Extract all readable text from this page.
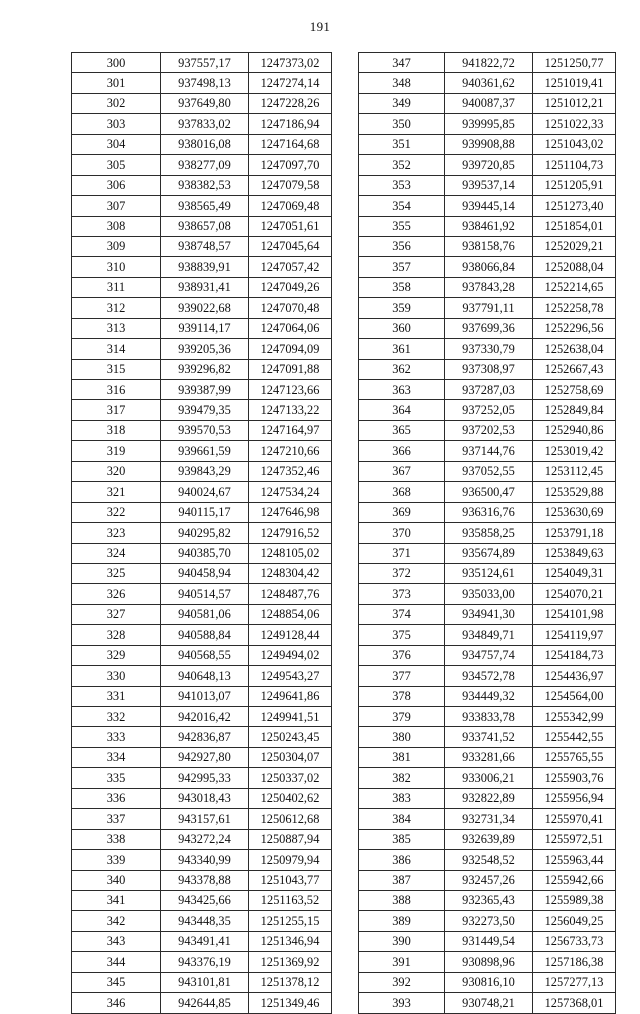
191
300	937557,17	1247373,02
301	937498,13	1247274,14
302	937649,80	1247228,26
303	937833,02	1247186,94
304	938016,08	1247164,68
305	938277,09	1247097,70
306	938382,53	1247079,58
307	938565,49	1247069,48
308	938657,08	1247051,61
309	938748,57	1247045,64
310	938839,91	1247057,42
311	938931,41	1247049,26
312	939022,68	1247070,48
313	939114,17	1247064,06
314	939205,36	1247094,09
315	939296,82	1247091,88
316	939387,99	1247123,66
317	939479,35	1247133,22
318	939570,53	1247164,97
319	939661,59	1247210,66
320	939843,29	1247352,46
321	940024,67	1247534,24
322	940115,17	1247646,98
323	940295,82	1247916,52
324	940385,70	1248105,02
325	940458,94	1248304,42
326	940514,57	1248487,76
327	940581,06	1248854,06
328	940588,84	1249128,44
329	940568,55	1249494,02
330	940648,13	1249543,27
331	941013,07	1249641,86
332	942016,42	1249941,51
333	942836,87	1250243,45
334	942927,80	1250304,07
335	942995,33	1250337,02
336	943018,43	1250402,62
337	943157,61	1250612,68
338	943272,24	1250887,94
339	943340,99	1250979,94
340	943378,88	1251043,77
341	943425,66	1251163,52
342	943448,35	1251255,15
343	943491,41	1251346,94
344	943376,19	1251369,92
345	943101,81	1251378,12
346	942644,85	1251349,46
347	941822,72	1251250,77
348	940361,62	1251019,41
349	940087,37	1251012,21
350	939995,85	1251022,33
351	939908,88	1251043,02
352	939720,85	1251104,73
353	939537,14	1251205,91
354	939445,14	1251273,40
355	938461,92	1251854,01
356	938158,76	1252029,21
357	938066,84	1252088,04
358	937843,28	1252214,65
359	937791,11	1252258,78
360	937699,36	1252296,56
361	937330,79	1252638,04
362	937308,97	1252667,43
363	937287,03	1252758,69
364	937252,05	1252849,84
365	937202,53	1252940,86
366	937144,76	1253019,42
367	937052,55	1253112,45
368	936500,47	1253529,88
369	936316,76	1253630,69
370	935858,25	1253791,18
371	935674,89	1253849,63
372	935124,61	1254049,31
373	935033,00	1254070,21
374	934941,30	1254101,98
375	934849,71	1254119,97
376	934757,74	1254184,73
377	934572,78	1254436,97
378	934449,32	1254564,00
379	933833,78	1255342,99
380	933741,52	1255442,55
381	933281,66	1255765,55
382	933006,21	1255903,76
383	932822,89	1255956,94
384	932731,34	1255970,41
385	932639,89	1255972,51
386	932548,52	1255963,44
387	932457,26	1255942,66
388	932365,43	1255989,38
389	932273,50	1256049,25
390	931449,54	1256733,73
391	930898,96	1257186,38
392	930816,10	1257277,13
393	930748,21	1257368,01
